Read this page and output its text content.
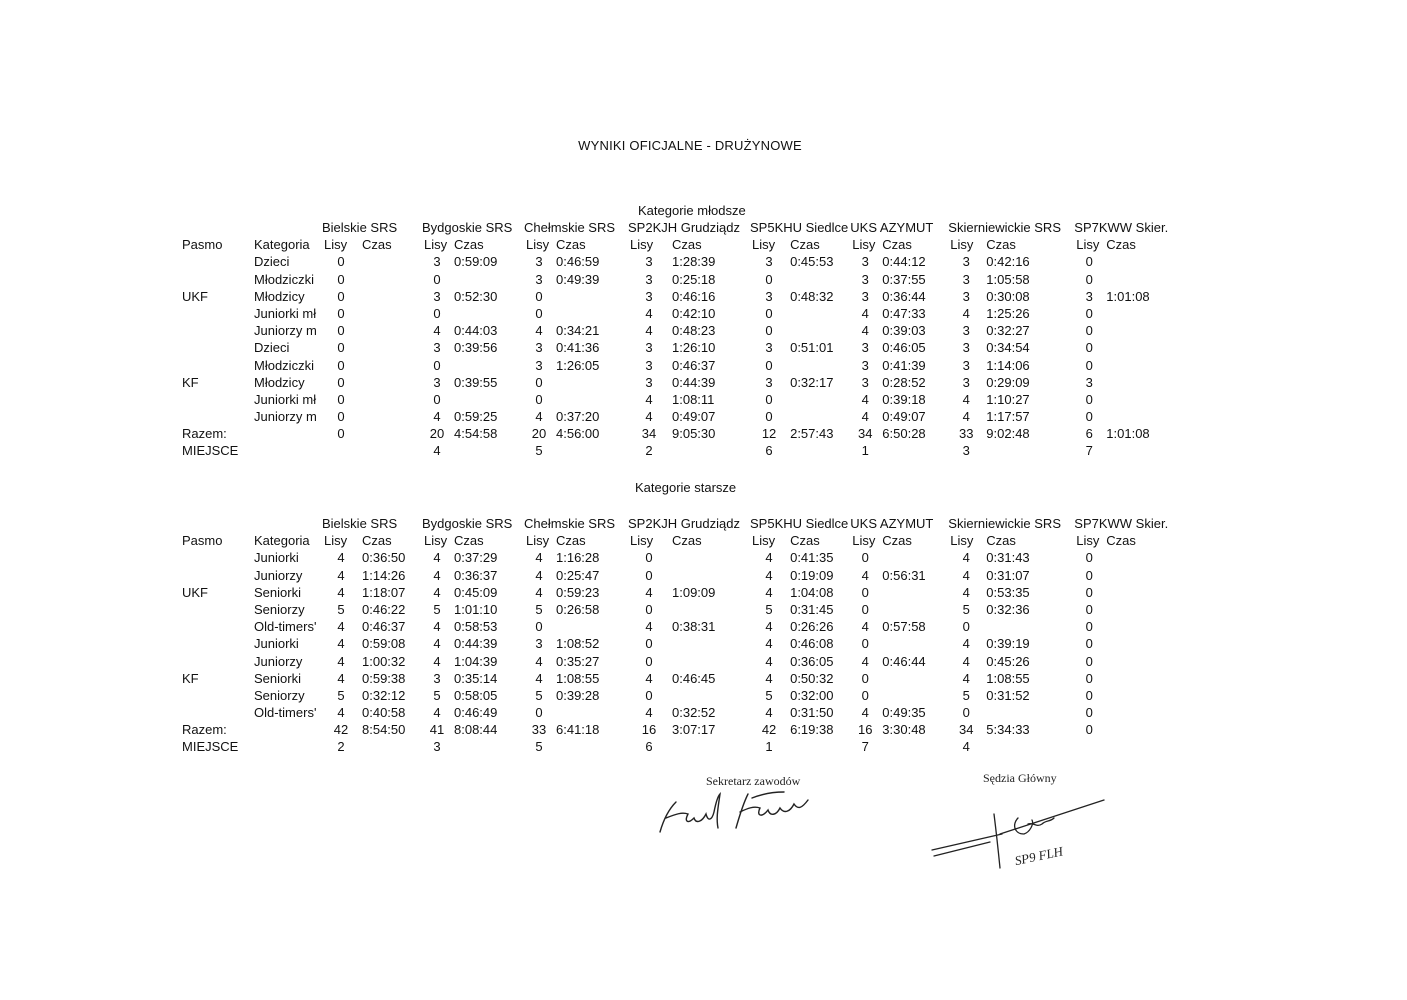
WYNIKI OFICJALNE - DRUŻYNOWE
Kategorie młodsze
		Bielskie SRS		Bydgoskie SRS		Chełmskie SRS		SP2KJH Grudziądz		SP5KHU Siedlce		UKS AZYMUT		Skierniewickie SRS		SP7KWW Skier.	
Pasmo	Kategoria	Lisy	Czas	Lisy	Czas	Lisy	Czas	Lisy	Czas	Lisy	Czas	Lisy	Czas	Lisy	Czas	Lisy	Czas
	Dzieci	0		3	0:59:09	3	0:46:59	3	1:28:39	3	0:45:53	3	0:44:12	3	0:42:16	0	
	Młodziczki	0		0		3	0:49:39	3	0:25:18	0		3	0:37:55	3	1:05:58	0	
UKF	Młodzicy	0		3	0:52:30	0		3	0:46:16	3	0:48:32	3	0:36:44	3	0:30:08	3	1:01:08
	Juniorki mł	0		0		0		4	0:42:10	0		4	0:47:33	4	1:25:26	0	
	Juniorzy m	0		4	0:44:03	4	0:34:21	4	0:48:23	0		4	0:39:03	3	0:32:27	0	
	Dzieci	0		3	0:39:56	3	0:41:36	3	1:26:10	3	0:51:01	3	0:46:05	3	0:34:54	0	
	Młodziczki	0		0		3	1:26:05	3	0:46:37	0		3	0:41:39	3	1:14:06	0	
KF	Młodzicy	0		3	0:39:55	0		3	0:44:39	3	0:32:17	3	0:28:52	3	0:29:09	3	
	Juniorki mł	0		0		0		4	1:08:11	0		4	0:39:18	4	1:10:27	0	
	Juniorzy m	0		4	0:59:25	4	0:37:20	4	0:49:07	0		4	0:49:07	4	1:17:57	0	
Razem:		0		20	4:54:58	20	4:56:00	34	9:05:30	12	2:57:43	34	6:50:28	33	9:02:48	6	1:01:08
MIEJSCE				4		5		2		6		1		3		7	
Kategorie starsze
		Bielskie SRS		Bydgoskie SRS		Chełmskie SRS		SP2KJH Grudziądz		SP5KHU Siedlce		UKS AZYMUT		Skierniewickie SRS		SP7KWW Skier.	
Pasmo	Kategoria	Lisy	Czas	Lisy	Czas	Lisy	Czas	Lisy	Czas	Lisy	Czas	Lisy	Czas	Lisy	Czas	Lisy	Czas
	Juniorki	4	0:36:50	4	0:37:29	4	1:16:28	0		4	0:41:35	0		4	0:31:43	0	
	Juniorzy	4	1:14:26	4	0:36:37	4	0:25:47	0		4	0:19:09	4	0:56:31	4	0:31:07	0	
UKF	Seniorki	4	1:18:07	4	0:45:09	4	0:59:23	4	1:09:09	4	1:04:08	0		4	0:53:35	0	
	Seniorzy	5	0:46:22	5	1:01:10	5	0:26:58	0		5	0:31:45	0		5	0:32:36	0	
	Old-timers'	4	0:46:37	4	0:58:53	0		4	0:38:31	4	0:26:26	4	0:57:58	0		0	
	Juniorki	4	0:59:08	4	0:44:39	3	1:08:52	0		4	0:46:08	0		4	0:39:19	0	
	Juniorzy	4	1:00:32	4	1:04:39	4	0:35:27	0		4	0:36:05	4	0:46:44	4	0:45:26	0	
KF	Seniorki	4	0:59:38	3	0:35:14	4	1:08:55	4	0:46:45	4	0:50:32	0		4	1:08:55	0	
	Seniorzy	5	0:32:12	5	0:58:05	5	0:39:28	0		5	0:32:00	0		5	0:31:52	0	
	Old-timers'	4	0:40:58	4	0:46:49	0		4	0:32:52	4	0:31:50	4	0:49:35	0		0	
Razem:		42	8:54:50	41	8:08:44	33	6:41:18	16	3:07:17	42	6:19:38	16	3:30:48	34	5:34:33	0	
MIEJSCE		2		3		5		6		1		7		4			
Sekretarz zawodów	Sędzia Główny
SP9 FLH
